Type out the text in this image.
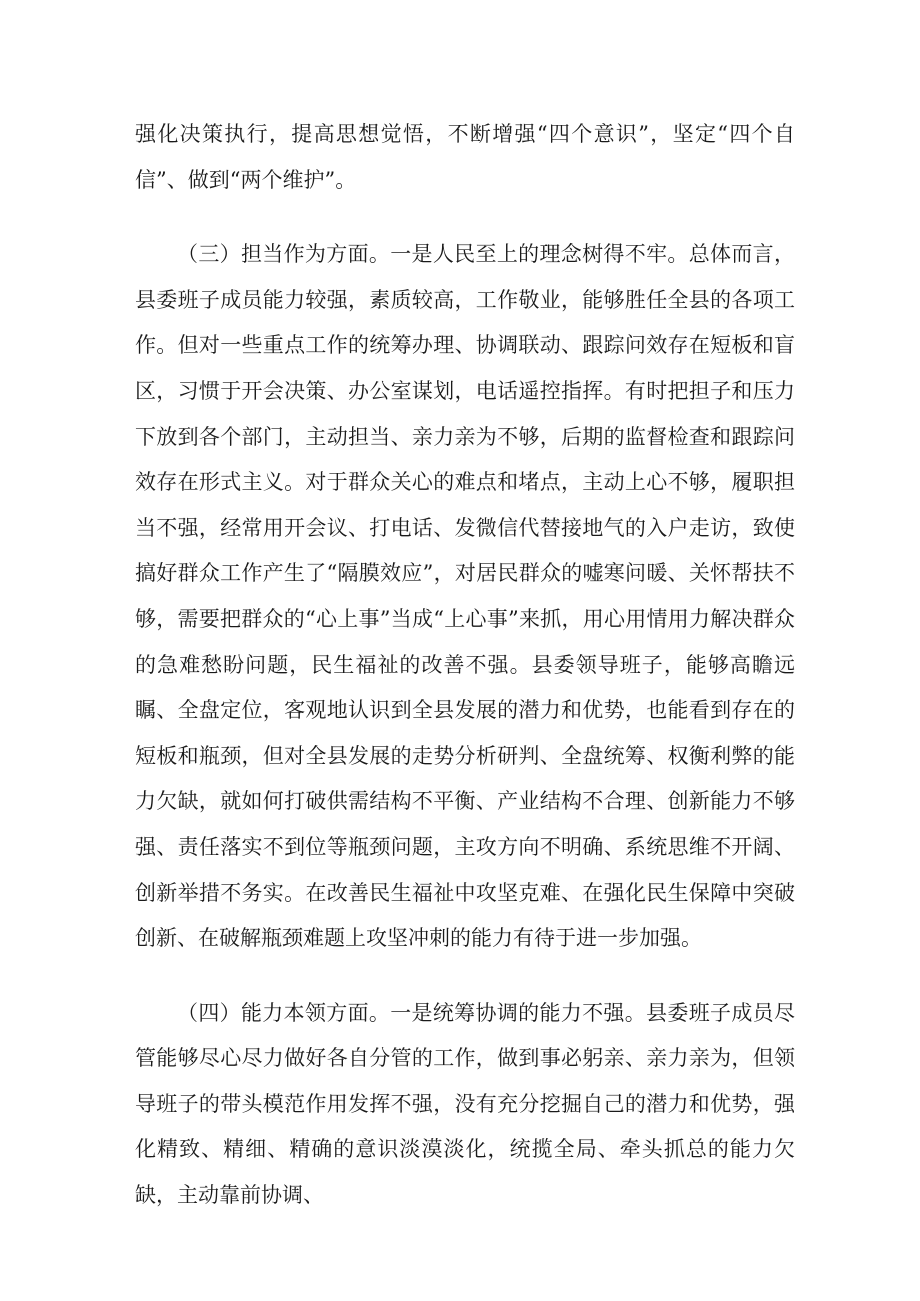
强化决策执行，提高思想觉悟，不断增强“四个意识”，坚定“四个自信”、做到“两个维护”。

（三）担当作为方面。一是人民至上的理念树得不牢。总体而言，县委班子成员能力较强，素质较高，工作敬业，能够胜任全县的各项工作。但对一些重点工作的统筹办理、协调联动、跟踪问效存在短板和盲区，习惯于开会决策、办公室谋划，电话遥控指挥。有时把担子和压力下放到各个部门，主动担当、亲力亲为不够，后期的监督检查和跟踪问效存在形式主义。对于群众关心的难点和堵点，主动上心不够，履职担当不强，经常用开会议、打电话、发微信代替接地气的入户走访，致使搞好群众工作产生了“隔膜效应”，对居民群众的嘘寒问暖、关怀帮扶不够，需要把群众的“心上事”当成“上心事”来抓，用心用情用力解决群众的急难愁盼问题，民生福祉的改善不强。县委领导班子，能够高瞻远瞩、全盘定位，客观地认识到全县发展的潜力和优势，也能看到存在的短板和瓶颈，但对全县发展的走势分析研判、全盘统筹、权衡利弊的能力欠缺，就如何打破供需结构不平衡、产业结构不合理、创新能力不够强、责任落实不到位等瓶颈问题，主攻方向不明确、系统思维不开阔、创新举措不务实。在改善民生福祉中攻坚克难、在强化民生保障中突破创新、在破解瓶颈难题上攻坚冲刺的能力有待于进一步加强。

（四）能力本领方面。一是统筹协调的能力不强。县委班子成员尽管能够尽心尽力做好各自分管的工作，做到事必躬亲、亲力亲为，但领导班子的带头模范作用发挥不强，没有充分挖掘自己的潜力和优势，强化精致、精细、精确的意识淡漠淡化，统揽全局、牵头抓总的能力欠缺，主动靠前协调、
